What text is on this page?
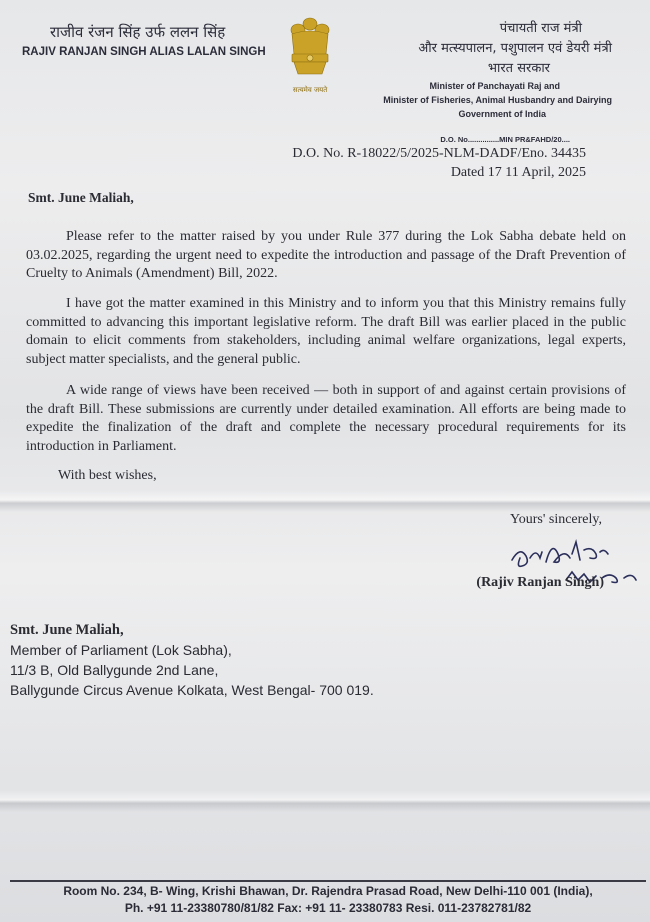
राजीव रंजन सिंह उर्फ ललन सिंह
RAJIV RANJAN SINGH ALIAS LALAN SINGH
सत्यमेव जयते
पंचायती राज मंत्री
और मत्स्यपालन, पशुपालन एवं डेयरी मंत्री
भारत सरकार
Minister of Panchayati Raj and
Minister of Fisheries, Animal Husbandry and Dairying
Government of India
D.O. No...............MIN PR&FAHD/20....
D.O. No. R-18022/5/2025-NLM-DADF/Eno. 34435
Dated 17 11 April, 2025
Smt. June Maliah,
Please refer to the matter raised by you under Rule 377 during the Lok Sabha debate held on 03.02.2025, regarding the urgent need to expedite the introduction and passage of the Draft Prevention of Cruelty to Animals (Amendment) Bill, 2022.
I have got the matter examined in this Ministry and to inform you that this Ministry remains fully committed to advancing this important legislative reform. The draft Bill was earlier placed in the public domain to elicit comments from stakeholders, including animal welfare organizations, legal experts, subject matter specialists, and the general public.
A wide range of views have been received — both in support of and against certain provisions of the draft Bill. These submissions are currently under detailed examination. All efforts are being made to expedite the finalization of the draft and complete the necessary procedural requirements for its introduction in Parliament.
With best wishes,
Yours' sincerely,
(Rajiv Ranjan Singh)
Smt. June Maliah,
Member of Parliament (Lok Sabha),
11/3 B, Old Ballygunde 2nd Lane,
Ballygunde Circus Avenue Kolkata, West Bengal- 700 019.
Room No. 234, B- Wing, Krishi Bhawan, Dr. Rajendra Prasad Road, New Delhi-110 001 (India),
Ph. +91 11-23380780/81/82 Fax: +91 11- 23380783 Resi. 011-23782781/82
